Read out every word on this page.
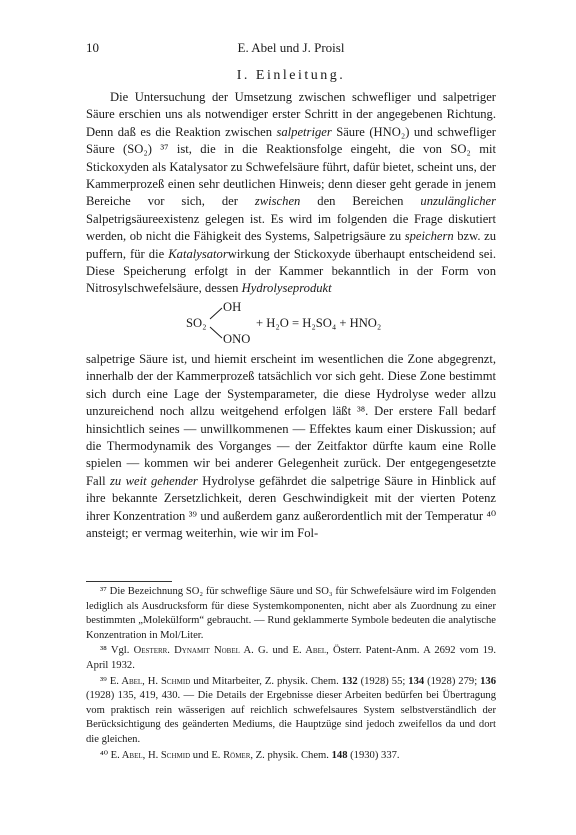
10	E. Abel und J. Proisl
I. Einleitung.

Die Untersuchung der Umsetzung zwischen schwefliger und salpetriger Säure erschien uns als notwendiger erster Schritt in der angegebenen Richtung. Denn daß es die Reaktion zwischen salpetriger Säure (HNO₂) und schwefliger Säure (SO₂) ³⁷ ist, die in die Reaktionsfolge eingeht, die von SO₂ mit Stickoxyden als Katalysator zu Schwefelsäure führt, dafür bietet, scheint uns, der Kammerprozeß einen sehr deutlichen Hinweis; denn dieser geht gerade in jenem Bereiche vor sich, der zwischen den Bereichen unzulänglicher Salpetrigsäureexistenz gelegen ist. Es wird im folgenden die Frage diskutiert werden, ob nicht die Fähigkeit des Systems, Salpetrigsäure zu speichern bzw. zu puffern, für die Katalysatorwirkung der Stickoxyde überhaupt entscheidend sei. Diese Speicherung erfolgt in der Kammer bekanntlich in der Form von Nitrosylschwefelsäure, dessen Hydrolyseprodukt

SO₂
OH
ONO
+ H₂O = H₂SO₄ + HNO₂

salpetrige Säure ist, und hiemit erscheint im wesentlichen die Zone abgegrenzt, innerhalb der der Kammerprozeß tatsächlich vor sich geht. Diese Zone bestimmt sich durch eine Lage der Systemparameter, die diese Hydrolyse weder allzu unzureichend noch allzu weitgehend erfolgen läßt ³⁸. Der erstere Fall bedarf hinsichtlich seines — unwillkommenen — Effektes kaum einer Diskussion; auf die Thermodynamik des Vorganges — der Zeitfaktor dürfte kaum eine Rolle spielen — kommen wir bei anderer Gelegenheit zurück. Der entgegengesetzte Fall zu weit gehender Hydrolyse gefährdet die salpetrige Säure in Hinblick auf ihre bekannte Zersetzlichkeit, deren Geschwindigkeit mit der vierten Potenz ihrer Konzentration ³⁹ und außerdem ganz außerordentlich mit der Temperatur ⁴⁰ ansteigt; er vermag weiterhin, wie wir im Fol-

³⁷ Die Bezeichnung SO₂ für schweflige Säure und SO₃ für Schwefelsäure wird im Folgenden lediglich als Ausdrucksform für diese Systemkomponenten, nicht aber als Zuordnung zu einer bestimmten „Molekülform“ gebraucht. — Rund geklammerte Symbole bedeuten die analytische Konzentration in Mol/Liter.

³⁸ Vgl. Oesterr. Dynamit Nobel A. G. und E. Abel, Österr. Patent-Anm. A 2692 vom 19. April 1932.

³⁹ E. Abel, H. Schmid und Mitarbeiter, Z. physik. Chem. 132 (1928) 55; 134 (1928) 279; 136 (1928) 135, 419, 430. — Die Details der Ergebnisse dieser Arbeiten bedürfen bei Übertragung vom praktisch rein wässerigen auf reichlich schwefelsaures System selbstverständlich der Berücksichtigung des geänderten Mediums, die Hauptzüge sind jedoch zweifellos da und dort die gleichen.

⁴⁰ E. Abel, H. Schmid und E. Römer, Z. physik. Chem. 148 (1930) 337.
